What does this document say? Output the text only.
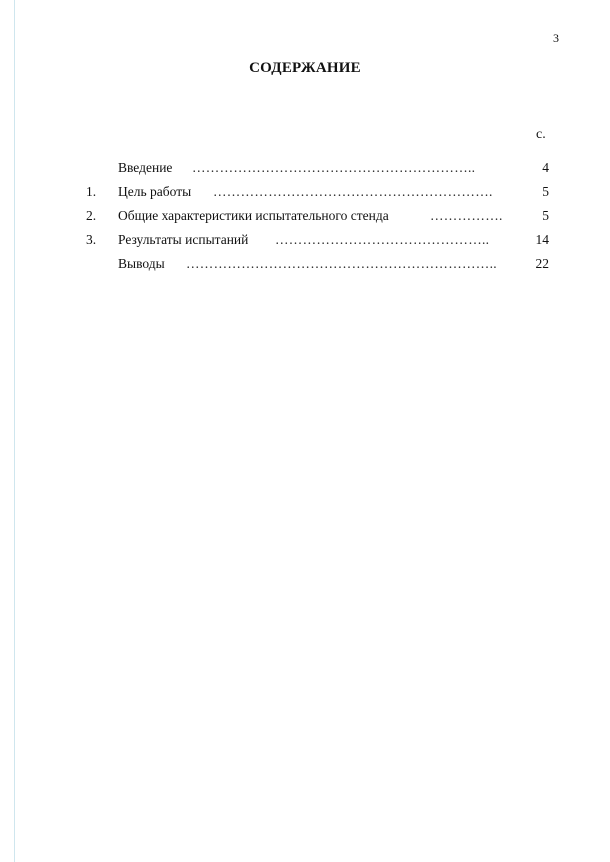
3
СОДЕРЖАНИЕ
с.
Введение ……………………………………………………..	4
1.	Цель работы …………………………………………………….	5
2.	Общие характеристики испытательного стенда	…………….	5
3.	Результаты испытаний ………………………………………..	14
Выводы …………………………………………………………..	22
